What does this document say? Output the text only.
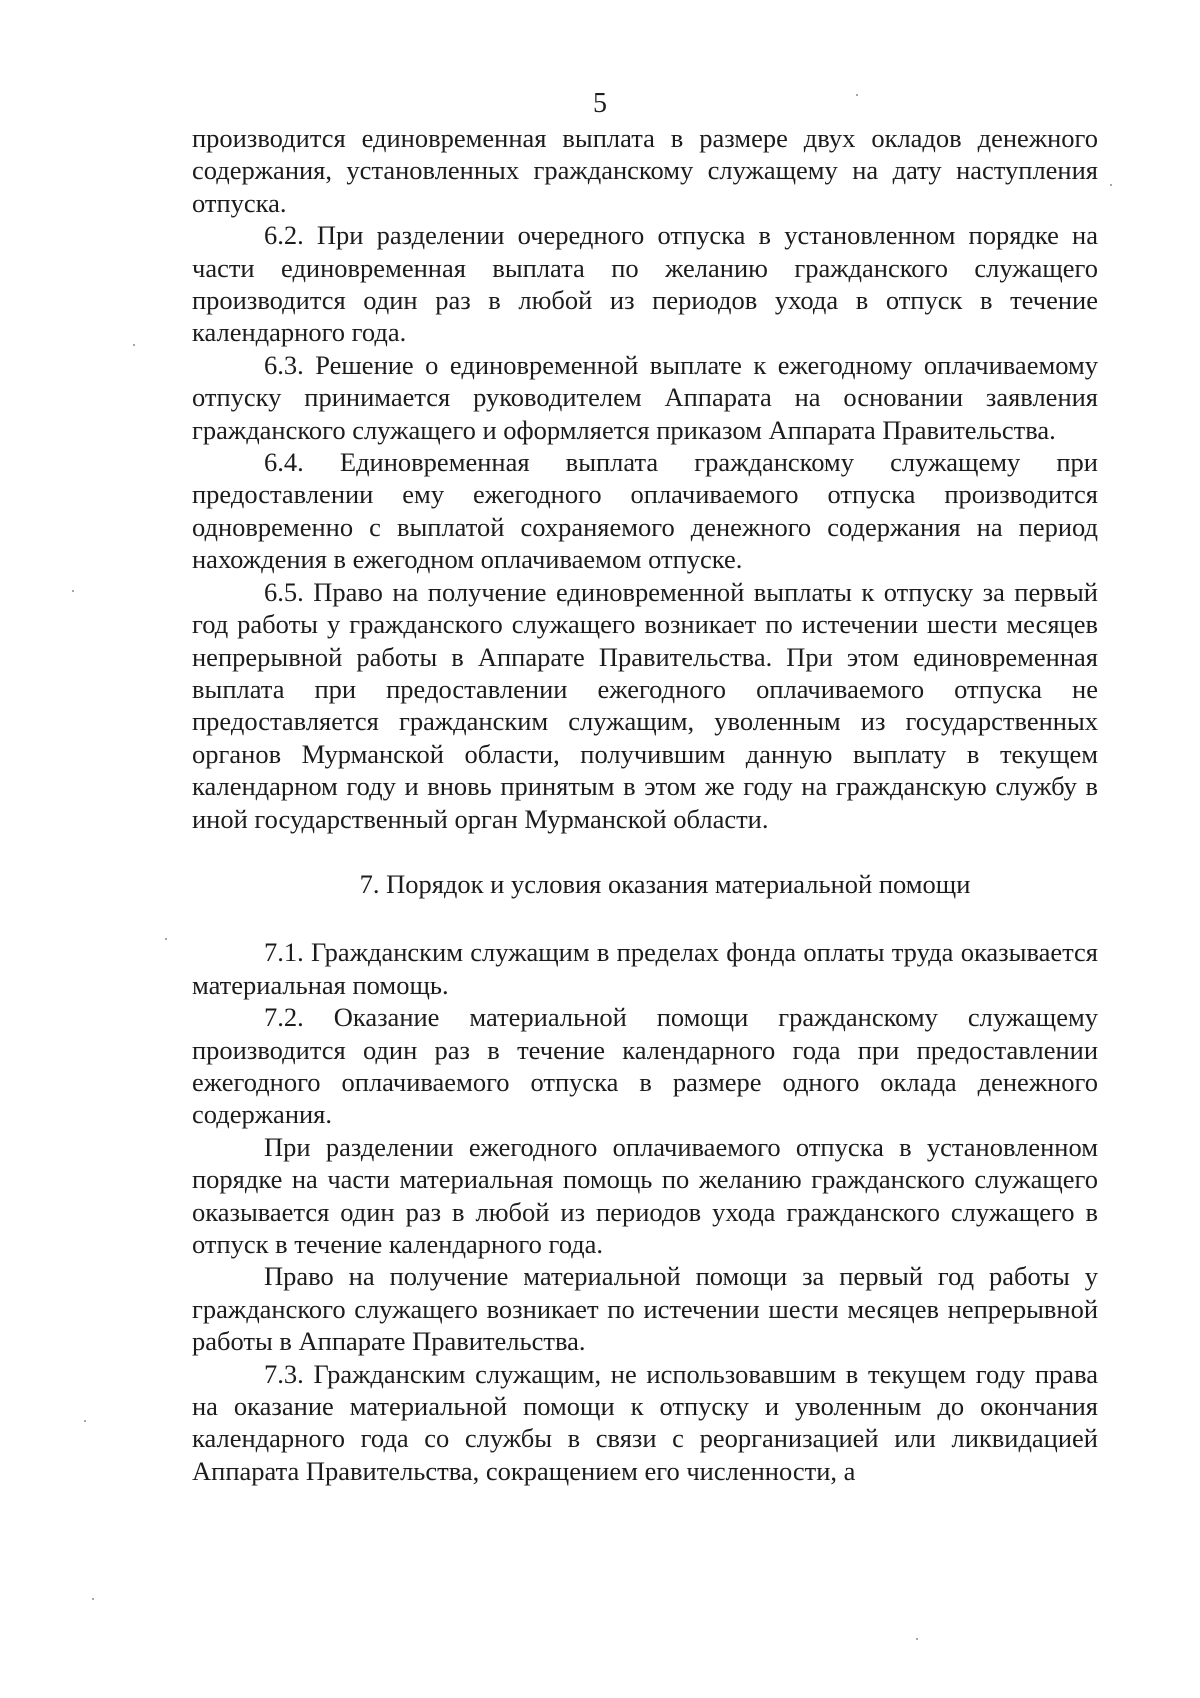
5

производится единовременная выплата в размере двух окладов денежного содержания, установленных гражданскому служащему на дату наступления отпуска.

6.2. При разделении очередного отпуска в установленном порядке на части единовременная выплата по желанию гражданского служащего производится один раз в любой из периодов ухода в отпуск в течение календарного года.

6.3. Решение о единовременной выплате к ежегодному оплачиваемому отпуску принимается руководителем Аппарата на основании заявления гражданского служащего и оформляется приказом Аппарата Правительства.

6.4. Единовременная выплата гражданскому служащему при предоставлении ему ежегодного оплачиваемого отпуска производится одновременно с выплатой сохраняемого денежного содержания на период нахождения в ежегодном оплачиваемом отпуске.

6.5. Право на получение единовременной выплаты к отпуску за первый год работы у гражданского служащего возникает по истечении шести месяцев непрерывной работы в Аппарате Правительства. При этом единовременная выплата при предоставлении ежегодного оплачиваемого отпуска не предоставляется гражданским служащим, уволенным из государственных органов Мурманской области, получившим данную выплату в текущем календарном году и вновь принятым в этом же году на гражданскую службу в иной государственный орган Мурманской области.

7. Порядок и условия оказания материальной помощи

7.1. Гражданским служащим в пределах фонда оплаты труда оказывается материальная помощь.

7.2. Оказание материальной помощи гражданскому служащему производится один раз в течение календарного года при предоставлении ежегодного оплачиваемого отпуска в размере одного оклада денежного содержания.

При разделении ежегодного оплачиваемого отпуска в установленном порядке на части материальная помощь по желанию гражданского служащего оказывается один раз в любой из периодов ухода гражданского служащего в отпуск в течение календарного года.

Право на получение материальной помощи за первый год работы у гражданского служащего возникает по истечении шести месяцев непрерывной работы в Аппарате Правительства.

7.3. Гражданским служащим, не использовавшим в текущем году права на оказание материальной помощи к отпуску и уволенным до окончания календарного года со службы в связи с реорганизацией или ликвидацией Аппарата Правительства, сокращением его численности, а
